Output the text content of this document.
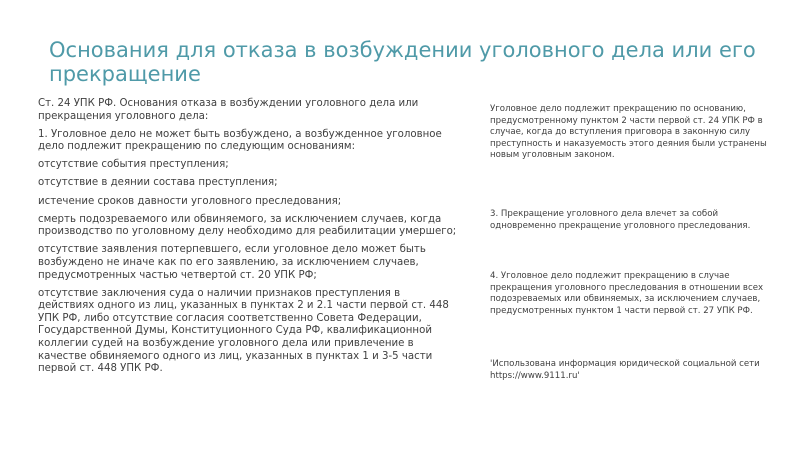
Основания для отказа в возбуждении уголовного дела или его прекращение

Ст. 24 УПК РФ. Основания отказа в возбуждении уголовного дела или прекращения уголовного дела:

1. Уголовное дело не может быть возбуждено, а возбужденное уголовное дело подлежит прекращению по следующим основаниям:

отсутствие события преступления;

отсутствие в деянии состава преступления;

истечение сроков давности уголовного преследования;

смерть подозреваемого или обвиняемого, за исключением случаев, когда производство по уголовному делу необходимо для реабилитации умершего;

отсутствие заявления потерпевшего, если уголовное дело может быть возбуждено не иначе как по его заявлению, за исключением случаев, предусмотренных частью четвертой ст. 20 УПК РФ;

отсутствие заключения суда о наличии признаков преступления в действиях одного из лиц, указанных в пунктах 2 и 2.1 части первой ст. 448 УПК РФ, либо отсутствие согласия соответственно Совета Федерации, Государственной Думы, Конституционного Суда РФ, квалификационной коллегии судей на возбуждение уголовного дела или привлечение в качестве обвиняемого одного из лиц, указанных в пунктах 1 и 3-5 части первой ст. 448 УПК РФ.

Уголовное дело подлежит прекращению по основанию, предусмотренному пунктом 2 части первой ст. 24 УПК РФ в случае, когда до вступления приговора в законную силу преступность и наказуемость этого деяния были устранены новым уголовным законом.

3. Прекращение уголовного дела влечет за собой одновременно прекращение уголовного преследования.

4. Уголовное дело подлежит прекращению в случае прекращения уголовного преследования в отношении всех подозреваемых или обвиняемых, за исключением случаев, предусмотренных пунктом 1 части первой ст. 27 УПК РФ.

'Использована информация юридической социальной сети https://www.9111.ru'
